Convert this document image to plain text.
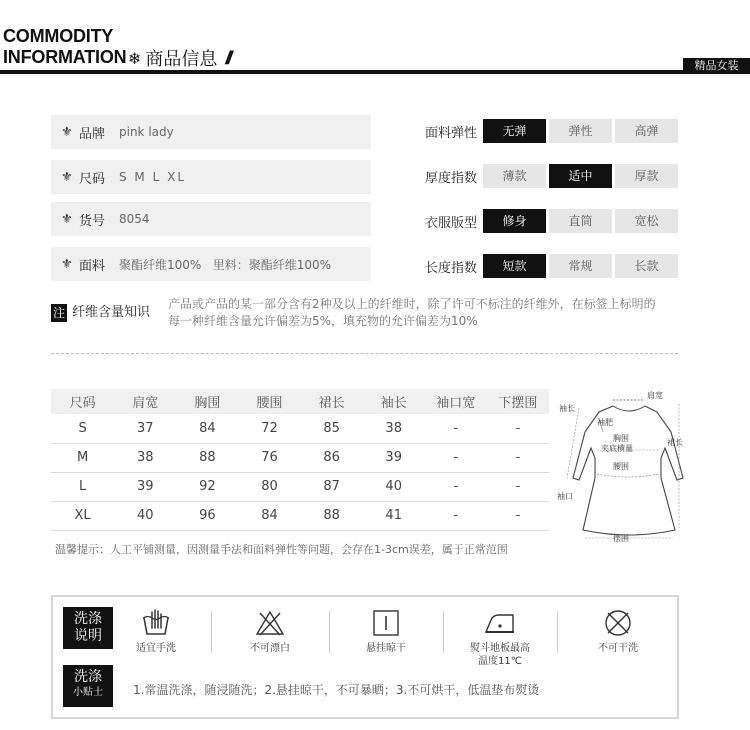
COMMODITY
INFORMATION ❄ 商品信息 //	精品女装
⚜ 品牌	pink lady
⚜ 尺码	S M L XL
⚜ 货号	8054
⚜ 面料	聚酯纤维100%   里料：聚酯纤维100%
面料弹性	无弹	弹性	高弹
厚度指数	薄款	适中	厚款
衣服版型	修身	直筒	宽松
长度指数	短款	常规	长款
注 纤维含量知识
产品或产品的某一部分含有2种及以上的纤维时，除了许可不标注的纤维外，在标签上标明的
每一种纤维含量允许偏差为5%，填充物的允许偏差为10%
尺码	肩宽	胸围	腰围	裙长	袖长	袖口宽	下摆围
S	37	84	72	85	38	-	-
M	38	88	76	86	39	-	-
L	39	92	80	87	40	-	-
XL	40	96	84	88	41	-	-
温馨提示：人工平铺测量，因测量手法和面料弹性等问题，会存在1-3cm误差，属于正常范围
肩宽
袖长
袖肥
胸围
夹底横量
腰围
裙长
袖口
摆围
洗涤
说明
适宜手洗	不可漂白	悬挂晾干	熨斗地板最高
温度11℃
不可干洗
洗涤
小贴士	1.常温洗涤，随浸随洗；2.悬挂晾干，不可暴晒；3.不可烘干，低温垫布熨烫
